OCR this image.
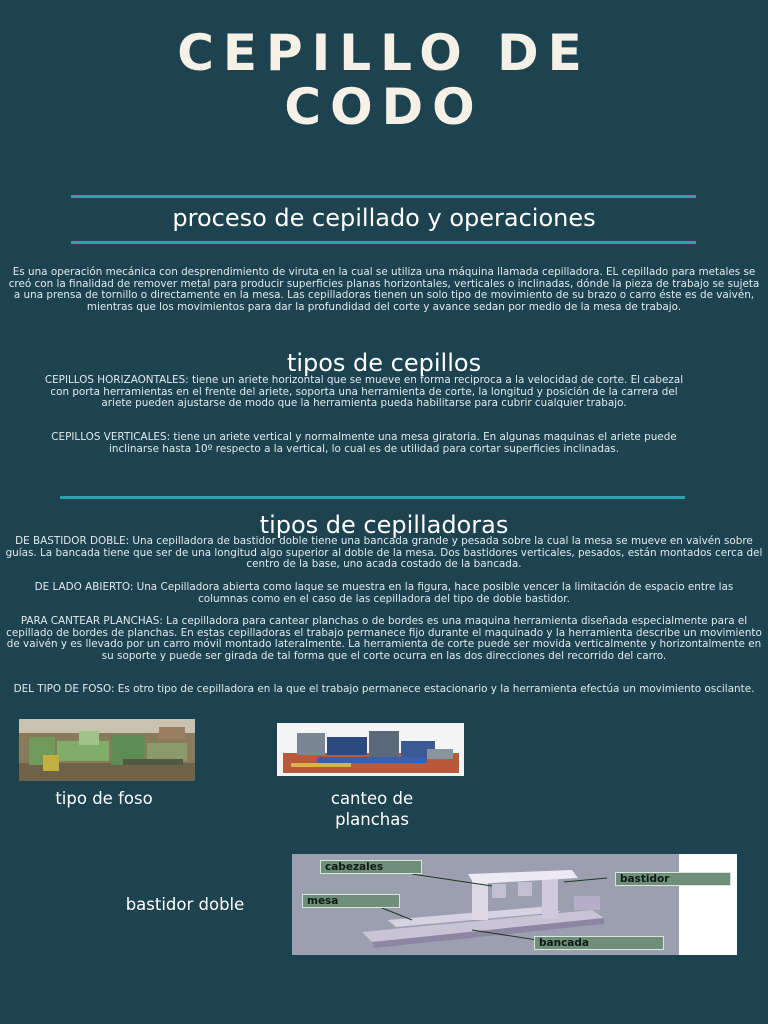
CEPILLO DE
CODO
proceso de cepillado y operaciones
Es una operación mecánica con desprendimiento de viruta en la cual se utiliza una máquina llamada cepilladora. EL cepillado para metales se creó con la finalidad de remover metal para producir superficies planas horizontales, verticales o inclinadas, dónde la pieza de trabajo se sujeta a una prensa de tornillo o directamente en la mesa. Las cepilladoras tienen un solo tipo de movimiento de su brazo o carro éste es de vaivén, mientras que los movimientos para dar la profundidad del corte y avance sedan por medio de la mesa de trabajo.
tipos de cepillos
CEPILLOS HORIZAONTALES: tiene un ariete horizontal que se mueve en forma reciproca a la velocidad de corte. El cabezal con porta herramientas en el frente del ariete, soporta una herramienta de corte, la longitud y posición de la carrera del ariete pueden ajustarse de modo que la herramienta pueda habilitarse para cubrir cualquier trabajo.
CEPILLOS VERTICALES: tiene un ariete vertical y normalmente una mesa giratoria. En algunas maquinas el ariete puede inclinarse hasta 10º respecto a la vertical, lo cual es de utilidad para cortar superficies inclinadas.
tipos de cepilladoras
DE BASTIDOR DOBLE: Una cepilladora de bastidor doble tiene una bancada grande y pesada sobre la cual la mesa se mueve en vaivén sobre guías. La bancada tiene que ser de una longitud algo superior al doble de la mesa. Dos bastidores verticales, pesados, están montados cerca del centro de la base, uno acada costado de la bancada.
DE LADO ABIERTO: Una Cepilladora abierta como laque se muestra en la figura, hace posible vencer la limitación de espacio entre las columnas como en el caso de las cepilladora del tipo de doble bastidor.
PARA CANTEAR PLANCHAS: La cepilladora para cantear planchas o de bordes es una maquina herramienta diseñada especialmente para el cepillado de bordes de planchas. En estas cepilladoras el trabajo permanece fijo durante el maquinado y la herramienta describe un movimiento de vaivén y es llevado por un carro móvil montado lateralmente. La herramienta de corte puede ser movida verticalmente y horizontalmente en su soporte y puede ser girada de tal forma que el corte ocurra en las dos direcciones del recorrido del carro.
DEL TIPO DE FOSO: Es otro tipo de cepilladora en la que el trabajo permanece estacionario y la herramienta efectúa un movimiento oscilante.
tipo de foso	canteo de
planchas
bastidor doble
cabezales
bastidor
mesa
bancada
